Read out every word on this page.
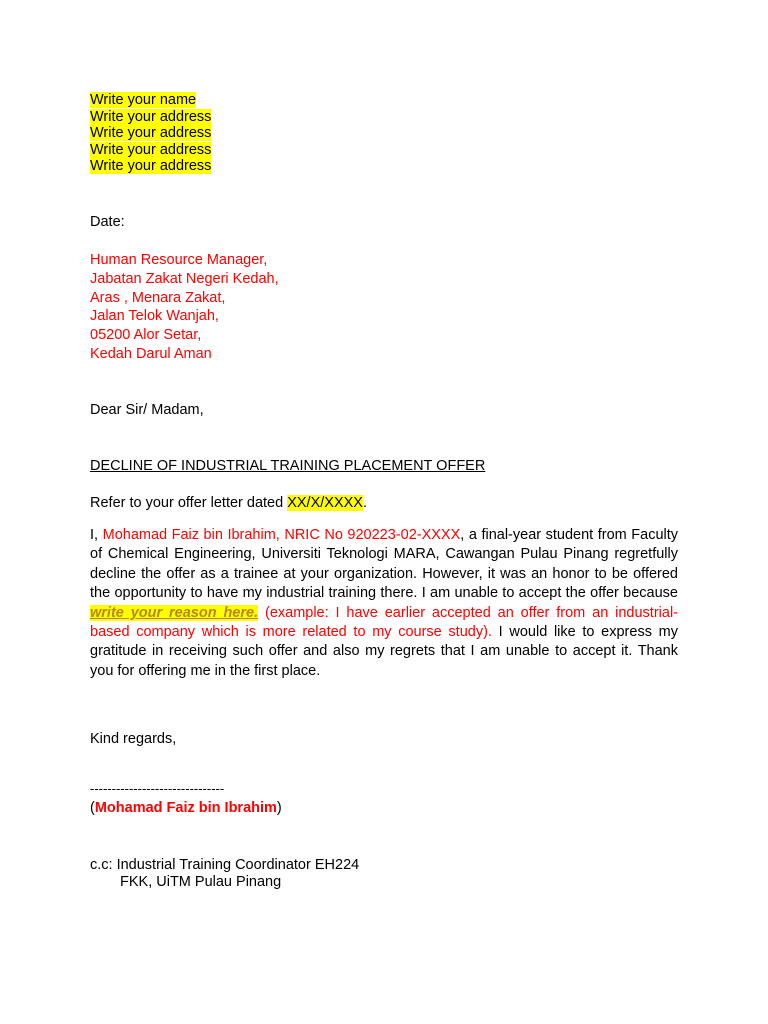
Write your name
Write your address
Write your address
Write your address
Write your address
Date:
Human Resource Manager,
Jabatan Zakat Negeri Kedah,
Aras , Menara Zakat,
Jalan Telok Wanjah,
05200 Alor Setar,
Kedah Darul Aman
Dear Sir/ Madam,
DECLINE OF INDUSTRIAL TRAINING PLACEMENT OFFER
Refer to your offer letter dated XX/X/XXXX.
I, Mohamad Faiz bin Ibrahim, NRIC No 920223-02-XXXX, a final-year student from Faculty of Chemical Engineering, Universiti Teknologi MARA, Cawangan Pulau Pinang regretfully decline the offer as a trainee at your organization. However, it was an honor to be offered the opportunity to have my industrial training there. I am unable to accept the offer because write your reason here. (example: I have earlier accepted an offer from an industrial-based company which is more related to my course study). I would like to express my gratitude in receiving such offer and also my regrets that I am unable to accept it. Thank you for offering me in the first place.
Kind regards,
-------------------------------
(Mohamad Faiz bin Ibrahim)
c.c: Industrial Training Coordinator EH224
FKK, UiTM Pulau Pinang
